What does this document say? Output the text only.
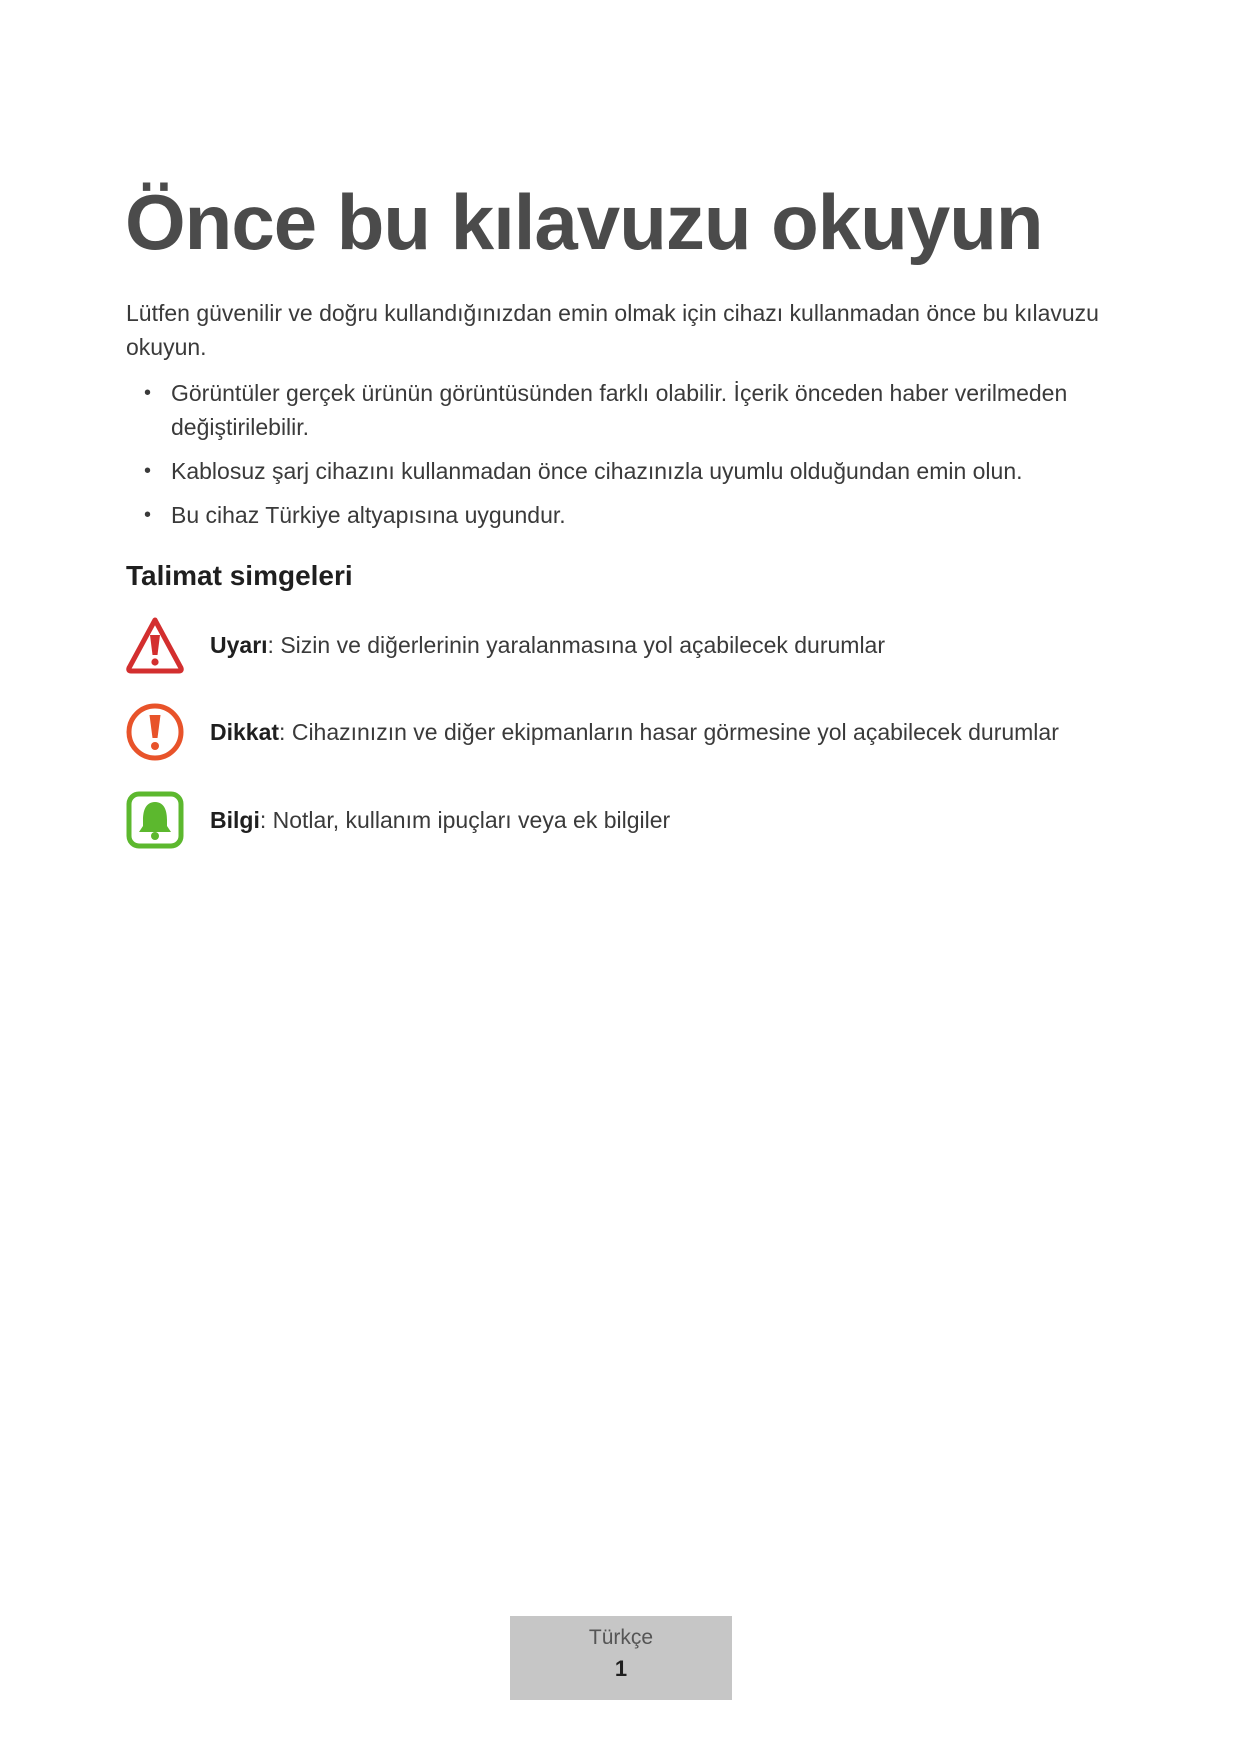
Önce bu kılavuzu okuyun

Lütfen güvenilir ve doğru kullandığınızdan emin olmak için cihazı kullanmadan önce bu kılavuzu okuyun.

• Görüntüler gerçek ürünün görüntüsünden farklı olabilir. İçerik önceden haber verilmeden değiştirilebilir.
• Kablosuz şarj cihazını kullanmadan önce cihazınızla uyumlu olduğundan emin olun.
• Bu cihaz Türkiye altyapısına uygundur.
Talimat simgeleri
Uyarı: Sizin ve diğerlerinin yaralanmasına yol açabilecek durumlar
Dikkat: Cihazınızın ve diğer ekipmanların hasar görmesine yol açabilecek durumlar
Bilgi: Notlar, kullanım ipuçları veya ek bilgiler
Türkçe
1
